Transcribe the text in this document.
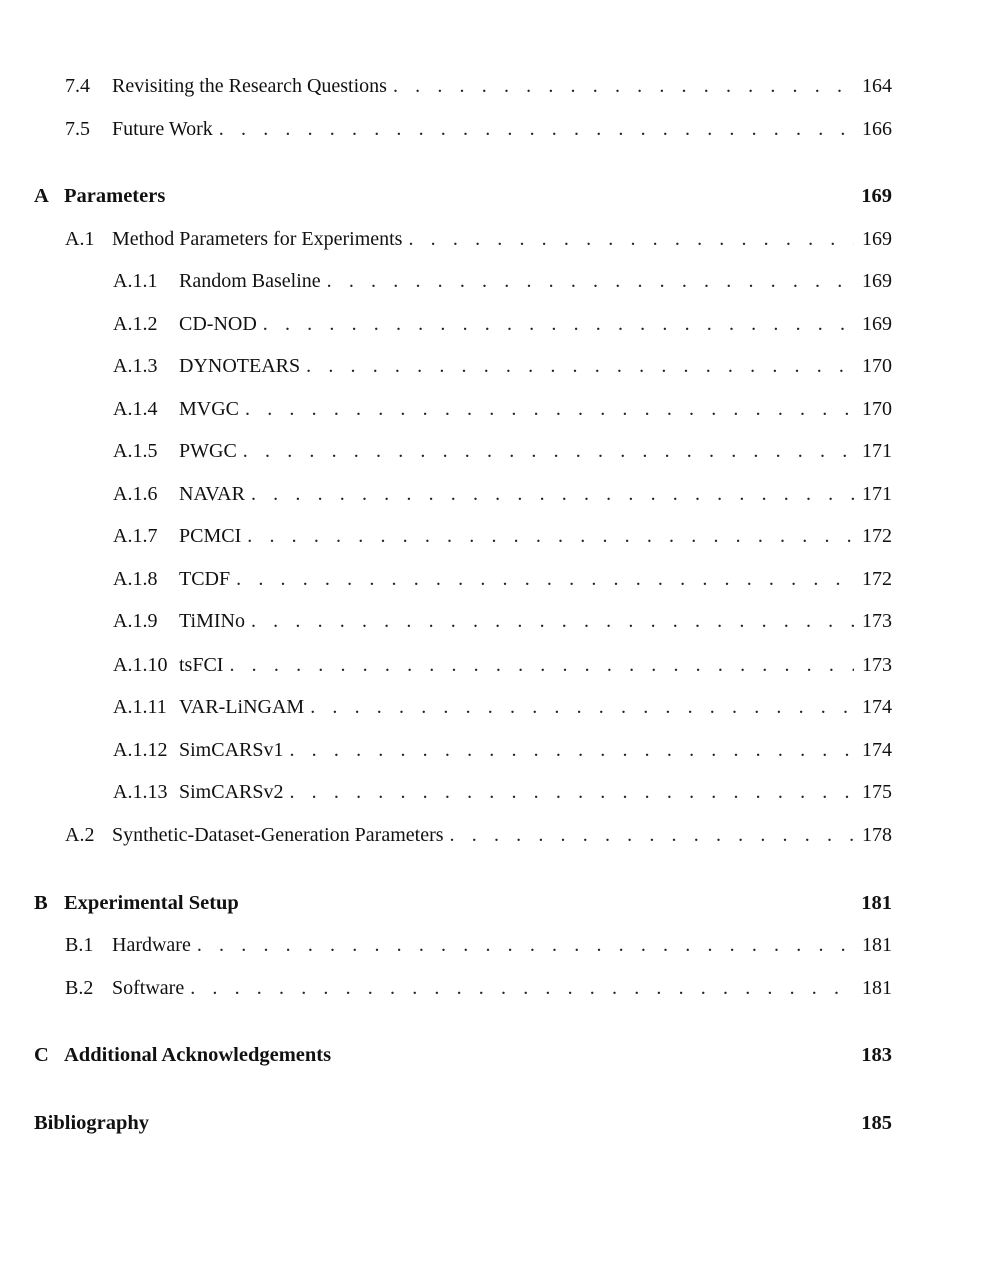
7.4	Revisiting the Research Questions . . .	164
7.5	Future Work . . .	166
A Parameters	169
A.1 Method Parameters for Experiments . . .	169
A.1.1	Random Baseline . . .	169
A.1.2	CD-NOD . . .	169
A.1.3	DYNOTEARS . . .	170
A.1.4	MVGC . . .	170
A.1.5	PWGC . . .	171
A.1.6	NAVAR . . .	171
A.1.7	PCMCI . . .	172
A.1.8	TCDF . . .	172
A.1.9	TiMINo . . .	173
A.1.10 tsFCI . . .	173
A.1.11 VAR-LiNGAM . . .	174
A.1.12 SimCARSv1 . . .	174
A.1.13 SimCARSv2 . . .	175
A.2 Synthetic-Dataset-Generation Parameters . . .	178
B Experimental Setup	181
B.1 Hardware . . .	181
B.2 Software . . .	181
C Additional Acknowledgements	183
Bibliography	185
